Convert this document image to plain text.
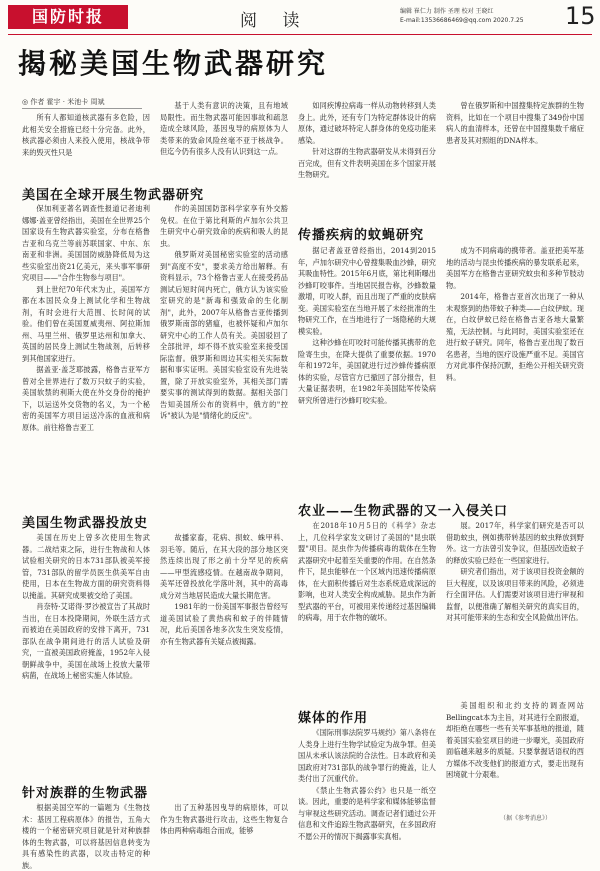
国防时报	阅 读	编辑 崔仁力 制作 圣理 校对 王晓红
E-mail:13536686469@qq.com 2020.7.25 15
揭秘美国生物武器研究
◎ 作者 霍宇 · 米池卡 周斌

所有人都知道核武器有多危险，因此相关安全措施已经十分完备。此外，核武器必须由人来投入使用，核战争带来的毁灭性只是

基于人类有意识的决策，且有地域局限性。而生物武器可能因事故和疏忽造成全球风险，基因曳导的病原体为人类带来的致命风险丝毫不亚于核战争。但迄今仍有很多人没有认识到这一点。

如同疾博拉病毒一样从动物转移到人类身上。此外，还有专门为特定群体设计的病原体，通过破坏特定人群身体的免疫功能来感染。

针对这群的生物武器研发从未得到百分百完成，但有文件表明美国在多个国家开展生物研究。

曾在俄罗斯和中国搜集特定族群的生物资料，比如在一个项目中搜集了349份中国病人的血清样本，还曾在中国搜集数千痛症患者及其对照组的DNA样本。

美国在全球开展生物武器研究

保加利亚著名调查性报道记者迪利娜娜·盖亚曾经指出，美国在全世界25个国家设有生物武器实验室，分布在格鲁吉亚和乌克兰等前苏联国家、中东、东南亚和非洲。美国国防威胁降低局为这些实验室出资21亿美元，来头事军事研究项目——"合作生物参与项目"。

到上世纪70年代末为止，美国军方都在本国民众身上测试化学和生物战剂，有时会进行大范围、长时间的试验。他们曾在美国夏威夷州、阿拉斯加州、马里兰州、俄罗里达州和加拿大、英国的居民身上测试生物战剂，后转移到其他国家进行。

据盖亚·盖芝耶披露，格鲁吉亚军方曾对全世界进行了数万只蚊子的实验，美国软禁的利斯大使在外交身份的掩护下，以运送外交货物的名义，为一个秘密的美国军方项目运送冷冻的血液和病原体。前往格鲁吉亚工

作的美国国防部科学家享有外交豁免权。在位于第比利斯的卢加尔公共卫生研究中心研究致命的疾病和吸人的昆虫。

俄罗斯对美国秘密实验室的活动感到"高度不安"，要求美方给出解释。有资料显示，73个格鲁吉亚人在接受药品测试后短时间内死亡，俄方认为该实验室研究的是"新毒和强致命的生化制剂"，此外，2007年从格鲁吉亚传播到俄罗斯南部的猪瘟，也被怀疑和卢加尔研究中心的工作人员有关。美国驳回了全部批评，却不得不放实验室来接受国际监督。俄罗斯和周边其实相关实际数据和事实证明。美国实验室设有先进装置，除了开放实验室外，其相关部门需要实事的测试得到的数据。据相关部门告知美国所公布的资料中，俄方的"控诉"被认为是"情绪化的反应"。

美国生物武器投放史

美国在历史上曾多次使用生物武器。二战结束之际，进行生物战和人体试验相关研究的日本731部队被美军接管，731部队的留学员医生供美军自由使用，日本在生物战方面的研究资料得以掩盖。其研究成果被交给了美国。

肖奈特·艾诺得·罗沙被宣告了其战时当出，在日本投降期间，外联生活方式而被迫在美国政府的安排下离开，731部队在战争期间进行的活人试验及研究，一直被美国政府掩盖，1952年入侵朝鲜战争中，美国在战场上投放大量带病菌，在战场上秘密实施人体试验。

故播家畜，花病、损蚊、蛛甲科、羽毛等。随后，在其大段的部分地区突然连续出现了形之前十分罕见的疾病——甲型流感疫情。在越南战争期间，美军还曾投放化学落叶剂，其中的高毒成分对当地居民造成大量长期危害。

1981年的一份美国军事报告曾经写道美国试验了黄热病和蚊子的伴随情况，此后美国各地多次发生突发疫情，亦有生物武器有关疑点被揭露。

针对族群的生物武器

根据美国空军的一篇题为《生物技术：基因工程病原体》的报告，五角大楼的一个秘密研究项目就是针对种族群体的生物武器，可以将基因信息转变为具有感染性的武器，以攻击特定的种族。

出了五种基因曳导的病原体，可以作为生物武器进行攻击，这些生物复合体由两种病毒组合而成，能够

传播疾病的蚊蝇研究

据记者盖亚曾经指出，2014到2015年，卢加尔研究中心曾搜集吸血沙蜂，研究其吸血特性。2015年6月底，第比利斯曝出沙蜂叮咬事件。当地居民报告称，沙蜂数量激增，叮咬人群，而且出现了严重的皮肤病变。美国实验室在当地开展了未经批准的生物研究工作，在当地进行了一场隐秘的大规模实验。

这种沙蜂在叮咬时可能传播其携带的危险寄生虫，在降大提供了重要依据。1970年和1972年，美国就进行过沙蜂传播病原体的实验，尽管官方已撤回了部分报告，但大量证据表明，在1982年美国陆军传染病研究所曾进行沙蜂叮咬实验。

成为不同病毒的携带者。盖亚把美军基地的活动与昆虫传播疾病的暴发联系起来，美国军方在格鲁吉亚研究蚊虫和多种节肢动物。

2014年，格鲁吉亚首次出现了一种从未观察到的热带蚊子种类——白纹伊蚊。现在，白纹伊蚊已经在格鲁吉亚各地大量繁殖，无法控制。与此同时，美国实验室还在进行蚊子研究。同年，格鲁吉亚出现了数百名患者，当地的医疗设施严重不足。美国官方对此事件保持沉默，拒绝公开相关研究资料。

农业——生物武器的又一入侵关口

在2018年10月5日的《科学》杂志上，几位科学家发文研讨了美国的"昆虫联盟"项目。昆虫作为传播病毒的载体在生物武器研究中起着至关重要的作用。在自然条件下，昆虫能够在一个区域内迅速传播病原体，在大面积传播后对生态系统造成深远的影响，也对人类安全构成威胁。昆虫作为新型武器的平台，可被用来传递经过基因编辑的病毒，用于农作物的破坏。

展。2017年，科学家们研究是否可以借助蚊虫，例如携带转基因的蚊虫释放到野外。这一方法曾引发争议，但基因改造蚊子的释放实验已经在一些国家进行。

研究者们指出，对于该项目投资金额的巨大程度，以及该项目带来的风险，必须进行全面评估。人们需要对该项目进行审视和监督，以便准确了解相关研究的真实目的，对其可能带来的生态和安全风险做出评估。

媒体的作用

《国际刑事法院罗马规约》第八条将在人类身上进行生物学试验定为战争罪。但美国从未承认该法院的合法性。日本政府和美国政府对731部队的战争罪行的掩盖，让人类付出了沉重代价。

《禁止生物武器公约》也只是一纸空谈。因此，重要的是科学家和媒体能够监督与审视这些研究活动。调查记者们通过公开信息和文件追踪生物武器研究，在多国政府不愿公开的情况下揭露事实真相。

美国组织和北约支持的调查网站Bellingcat本为主旨，对其进行全面报道，却拒绝在哪些一些有关军事基地的报道，随着美国实验室项目的进一步曝光，美国政府面临越来越多的质疑。只要掌握话语权的西方媒体不改变他们的报道方式，要走出现有困境就十分艰难。

（据《参考消息》）
